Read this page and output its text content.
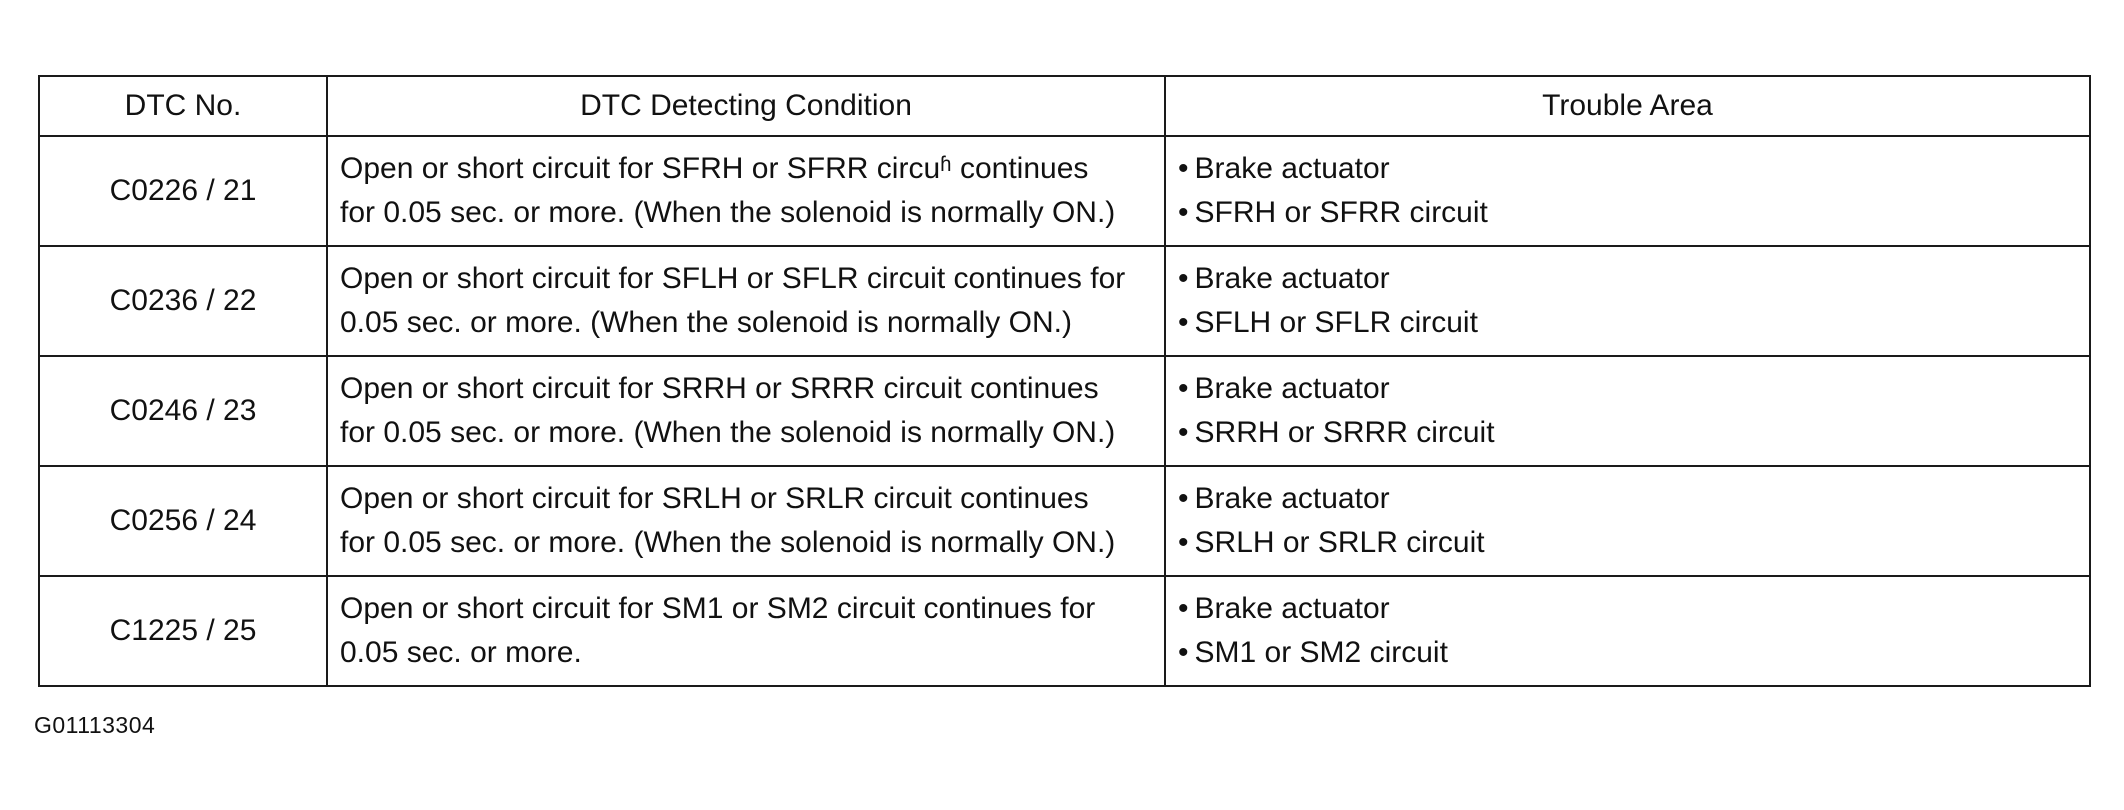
DTC No.	DTC Detecting Condition	Trouble Area
C0226 / 21	Open or short circuit for SFRH or SFRR circuʱ continues
for 0.05 sec. or more. (When the solenoid is normally ON.)	• Brake actuator
• SFRH or SFRR circuit

C0236 / 22	Open or short circuit for SFLH or SFLR circuit continues for
0.05 sec. or more. (When the solenoid is normally ON.)	• Brake actuator
• SFLH or SFLR circuit

C0246 / 23	Open or short circuit for SRRH or SRRR circuit continues
for 0.05 sec. or more. (When the solenoid is normally ON.)	• Brake actuator
• SRRH or SRRR circuit

C0256 / 24	Open or short circuit for SRLH or SRLR circuit continues
for 0.05 sec. or more. (When the solenoid is normally ON.)	• Brake actuator
• SRLH or SRLR circuit

C1225 / 25	Open or short circuit for SM1 or SM2 circuit continues for
0.05 sec. or more.	• Brake actuator
• SM1 or SM2 circuit
G01113304
